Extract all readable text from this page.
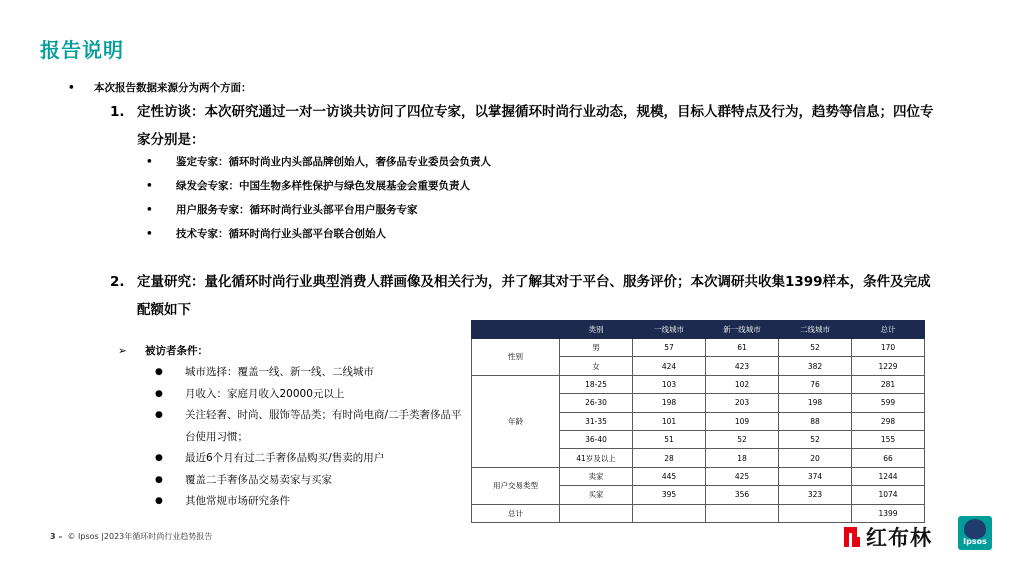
报告说明
• 本次报告数据来源分为两个方面：
1. 定性访谈：本次研究通过一对一访谈共访问了四位专家，以掌握循环时尚行业动态，规模，目标人群特点及行为，趋势等信息；四位专家分别是：
• 鉴定专家：循环时尚业内头部品牌创始人，奢侈品专业委员会负责人
• 绿发会专家：中国生物多样性保护与绿色发展基金会重要负责人
• 用户服务专家：循环时尚行业头部平台用户服务专家
• 技术专家：循环时尚行业头部平台联合创始人
2. 定量研究：量化循环时尚行业典型消费人群画像及相关行为，并了解其对于平台、服务评价；本次调研共收集1399样本，条件及完成配额如下
➢ 被访者条件：
● 城市选择：覆盖一线、新一线、二线城市
● 月收入：家庭月收入20000元以上
● 关注轻奢、时尚、服饰等品类；有时尚电商/二手类奢侈品平台使用习惯；
● 最近6个月有过二手奢侈品购买/售卖的用户
● 覆盖二手奢侈品交易卖家与买家
● 其他常规市场研究条件
	类别	一线城市	新一线城市	二线城市	总计
性别	男	57	61	52	170
	女	424	423	382	1229
年龄	18-25	103	102	76	281
	26-30	198	203	198	599
	31-35	101	109	88	298
	36-40	51	52	52	155
	41岁及以上	28	18	20	66
用户交易类型	卖家	445	425	374	1244
	买家	395	356	323	1074
总计					1399
3 – © Ipsos |2023年循环时尚行业趋势报告	红布林	Ipsos
